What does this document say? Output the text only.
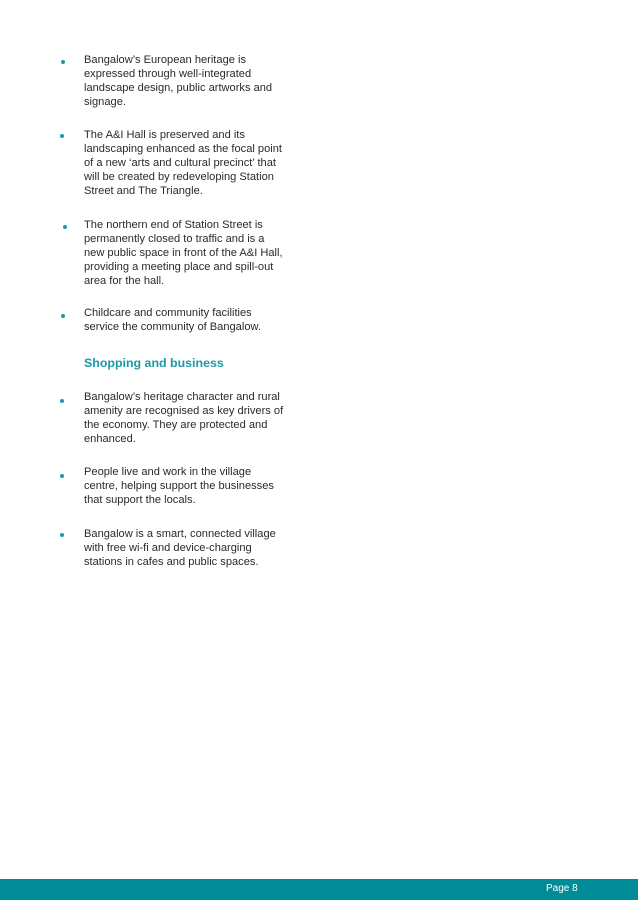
Bangalow’s European heritage is
expressed through well-integrated
landscape design, public artworks and
signage.
The A&I Hall is preserved and its
landscaping enhanced as the focal point
of a new ‘arts and cultural precinct’ that
will be created by redeveloping Station
Street and The Triangle.
The northern end of Station Street is
permanently closed to traffic and is a
new public space in front of the A&I Hall,
providing a meeting place and spill-out
area for the hall.
Childcare and community facilities
service the community of Bangalow.
Shopping and business
Bangalow’s heritage character and rural
amenity are recognised as key drivers of
the economy. They are protected and
enhanced.
People live and work in the village
centre, helping support the businesses
that support the locals.
Bangalow is a smart, connected village
with free wi-fi and device-charging
stations in cafes and public spaces.
Page 8
